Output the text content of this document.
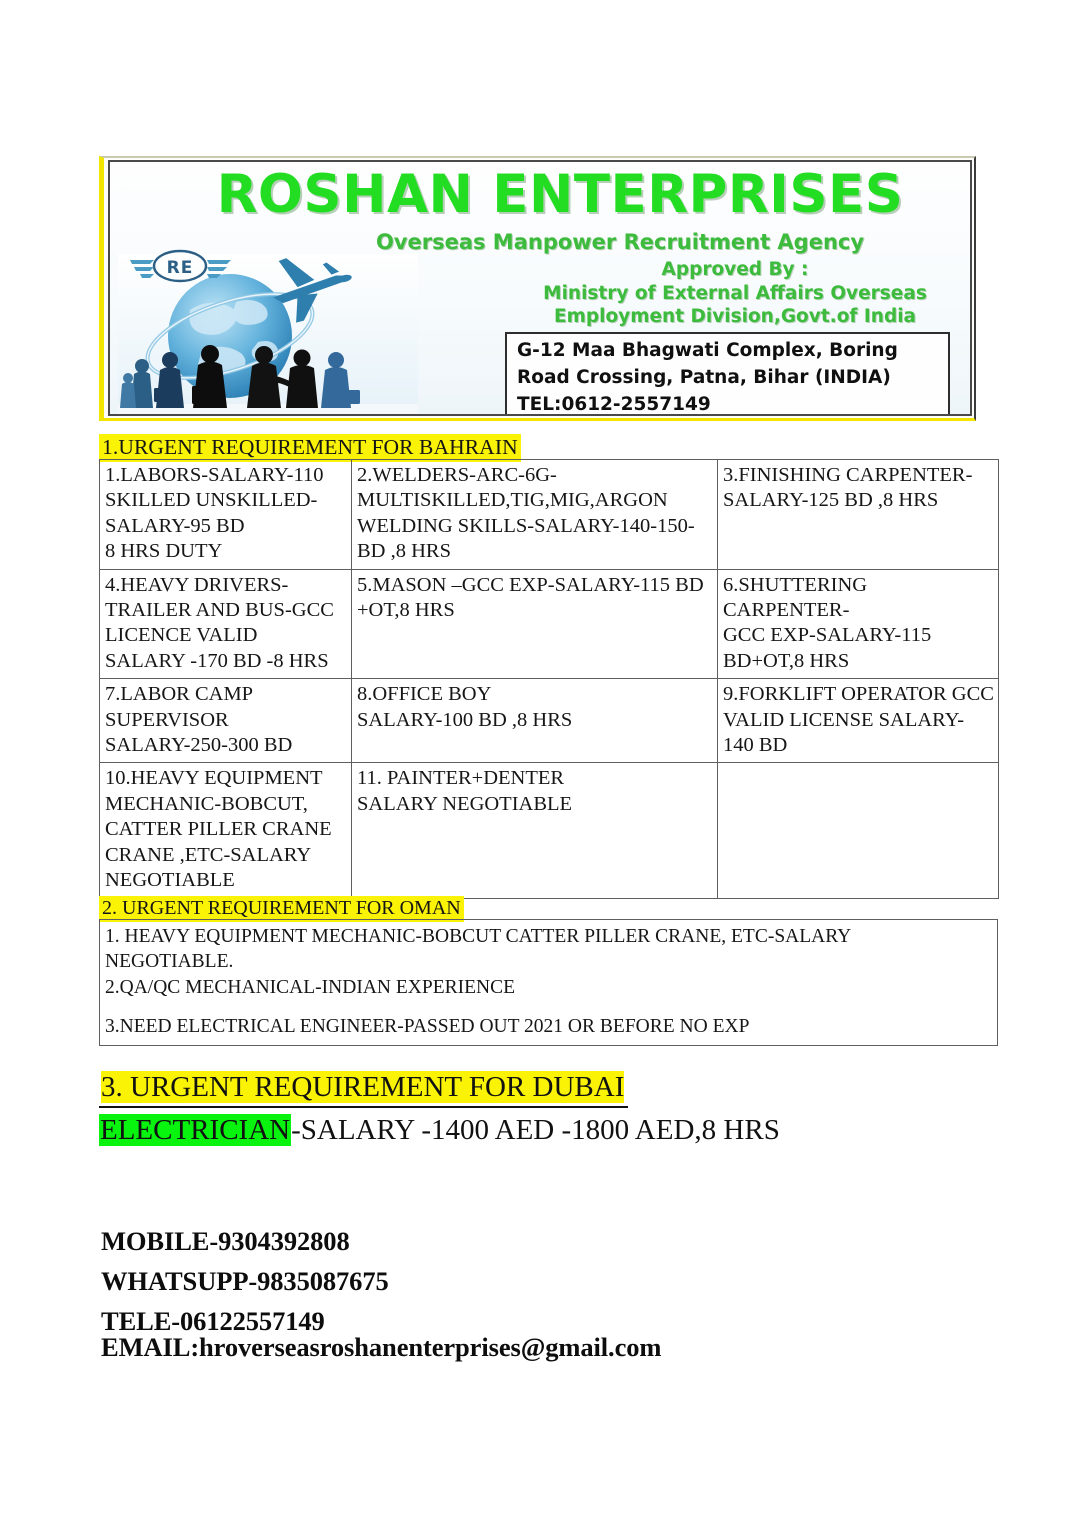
RE
ROSHAN ENTERPRISES
Overseas Manpower Recruitment Agency
Approved By :
Ministry of External Affairs Overseas
Employment Division,Govt.of India
G-12 Maa Bhagwati Complex, Boring
Road Crossing, Patna, Bihar (INDIA)
TEL:0612-2557149
1.URGENT REQUIREMENT FOR BAHRAIN
1.LABORS-SALARY-110 SKILLED UNSKILLED-SALARY-95 BD
8 HRS DUTY	2.WELDERS-ARC-6G-MULTISKILLED,TIG,MIG,ARGON WELDING SKILLS-SALARY-140-150-BD ,8 HRS	3.FINISHING CARPENTER-SALARY-125 BD ,8 HRS
4.HEAVY DRIVERS-TRAILER AND BUS-GCC LICENCE VALID
SALARY -170 BD -8 HRS	5.MASON –GCC EXP-SALARY-115 BD +OT,8 HRS	6.SHUTTERING CARPENTER-
GCC EXP-SALARY-115 BD+OT,8 HRS
7.LABOR CAMP SUPERVISOR
SALARY-250-300 BD	8.OFFICE BOY
SALARY-100 BD ,8 HRS	9.FORKLIFT OPERATOR GCC VALID LICENSE SALARY-140 BD
10.HEAVY EQUIPMENT MECHANIC-BOBCUT, CATTER PILLER CRANE CRANE ,ETC-SALARY NEGOTIABLE	11. PAINTER+DENTER
SALARY NEGOTIABLE	
2. URGENT REQUIREMENT FOR OMAN
1. HEAVY EQUIPMENT MECHANIC-BOBCUT CATTER PILLER CRANE, ETC-SALARY
NEGOTIABLE.
2.QA/QC MECHANICAL-INDIAN EXPERIENCE
3.NEED ELECTRICAL ENGINEER-PASSED OUT 2021 OR BEFORE NO EXP
3. URGENT REQUIREMENT FOR DUBAI
ELECTRICIAN-SALARY -1400 AED -1800 AED,8 HRS
MOBILE-9304392808
WHATSUPP-9835087675
TELE-06122557149
EMAIL:hroverseasroshanenterprises@gmail.com
